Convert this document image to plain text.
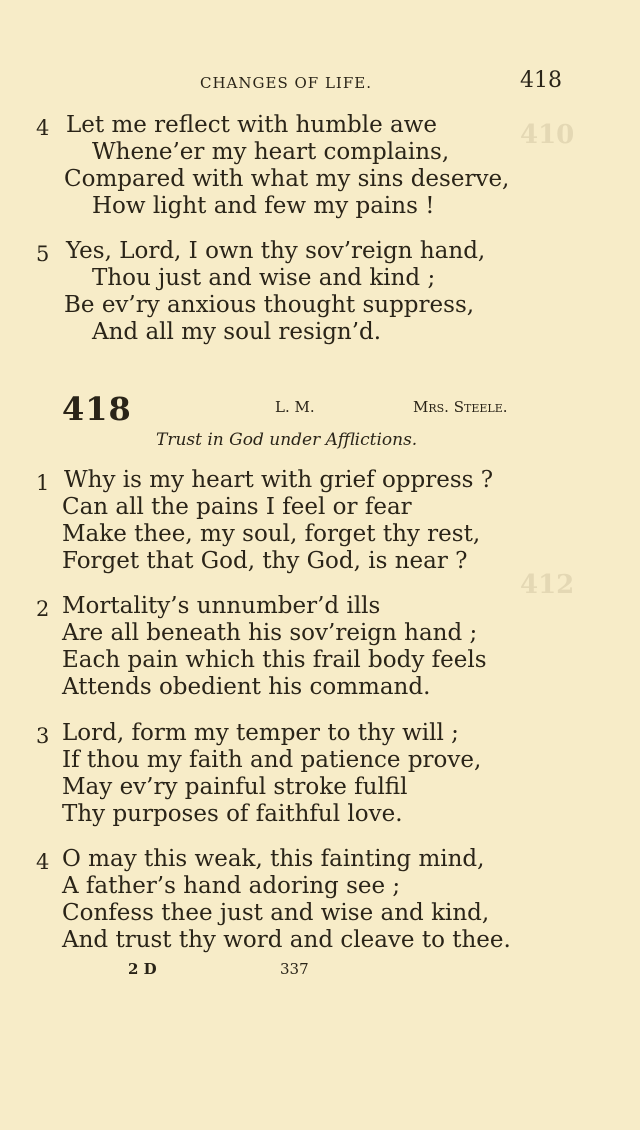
410
412
CHANGES OF LIFE.	418
4 Let me reflect with humble awe
Whene’er my heart complains,
Compared with what my sins deserve,
How light and few my pains !
5 Yes, Lord, I own thy sov’reign hand,
Thou just and wise and kind ;
Be ev’ry anxious thought suppress,
And all my soul resign’d.
418	L. M.	Mrs. Steele.
Trust in God under Afflictions.
1 Why is my heart with grief oppress ?
Can all the pains I feel or fear
Make thee, my soul, forget thy rest,
Forget that God, thy God, is near ?
2 Mortality’s unnumber’d ills
Are all beneath his sov’reign hand ;
Each pain which this frail body feels
Attends obedient his command.
3 Lord, form my temper to thy will ;
If thou my faith and patience prove,
May ev’ry painful stroke fulfil
Thy purposes of faithful love.
4 O may this weak, this fainting mind,
A father’s hand adoring see ;
Confess thee just and wise and kind,
And trust thy word and cleave to thee.
2 D	337
